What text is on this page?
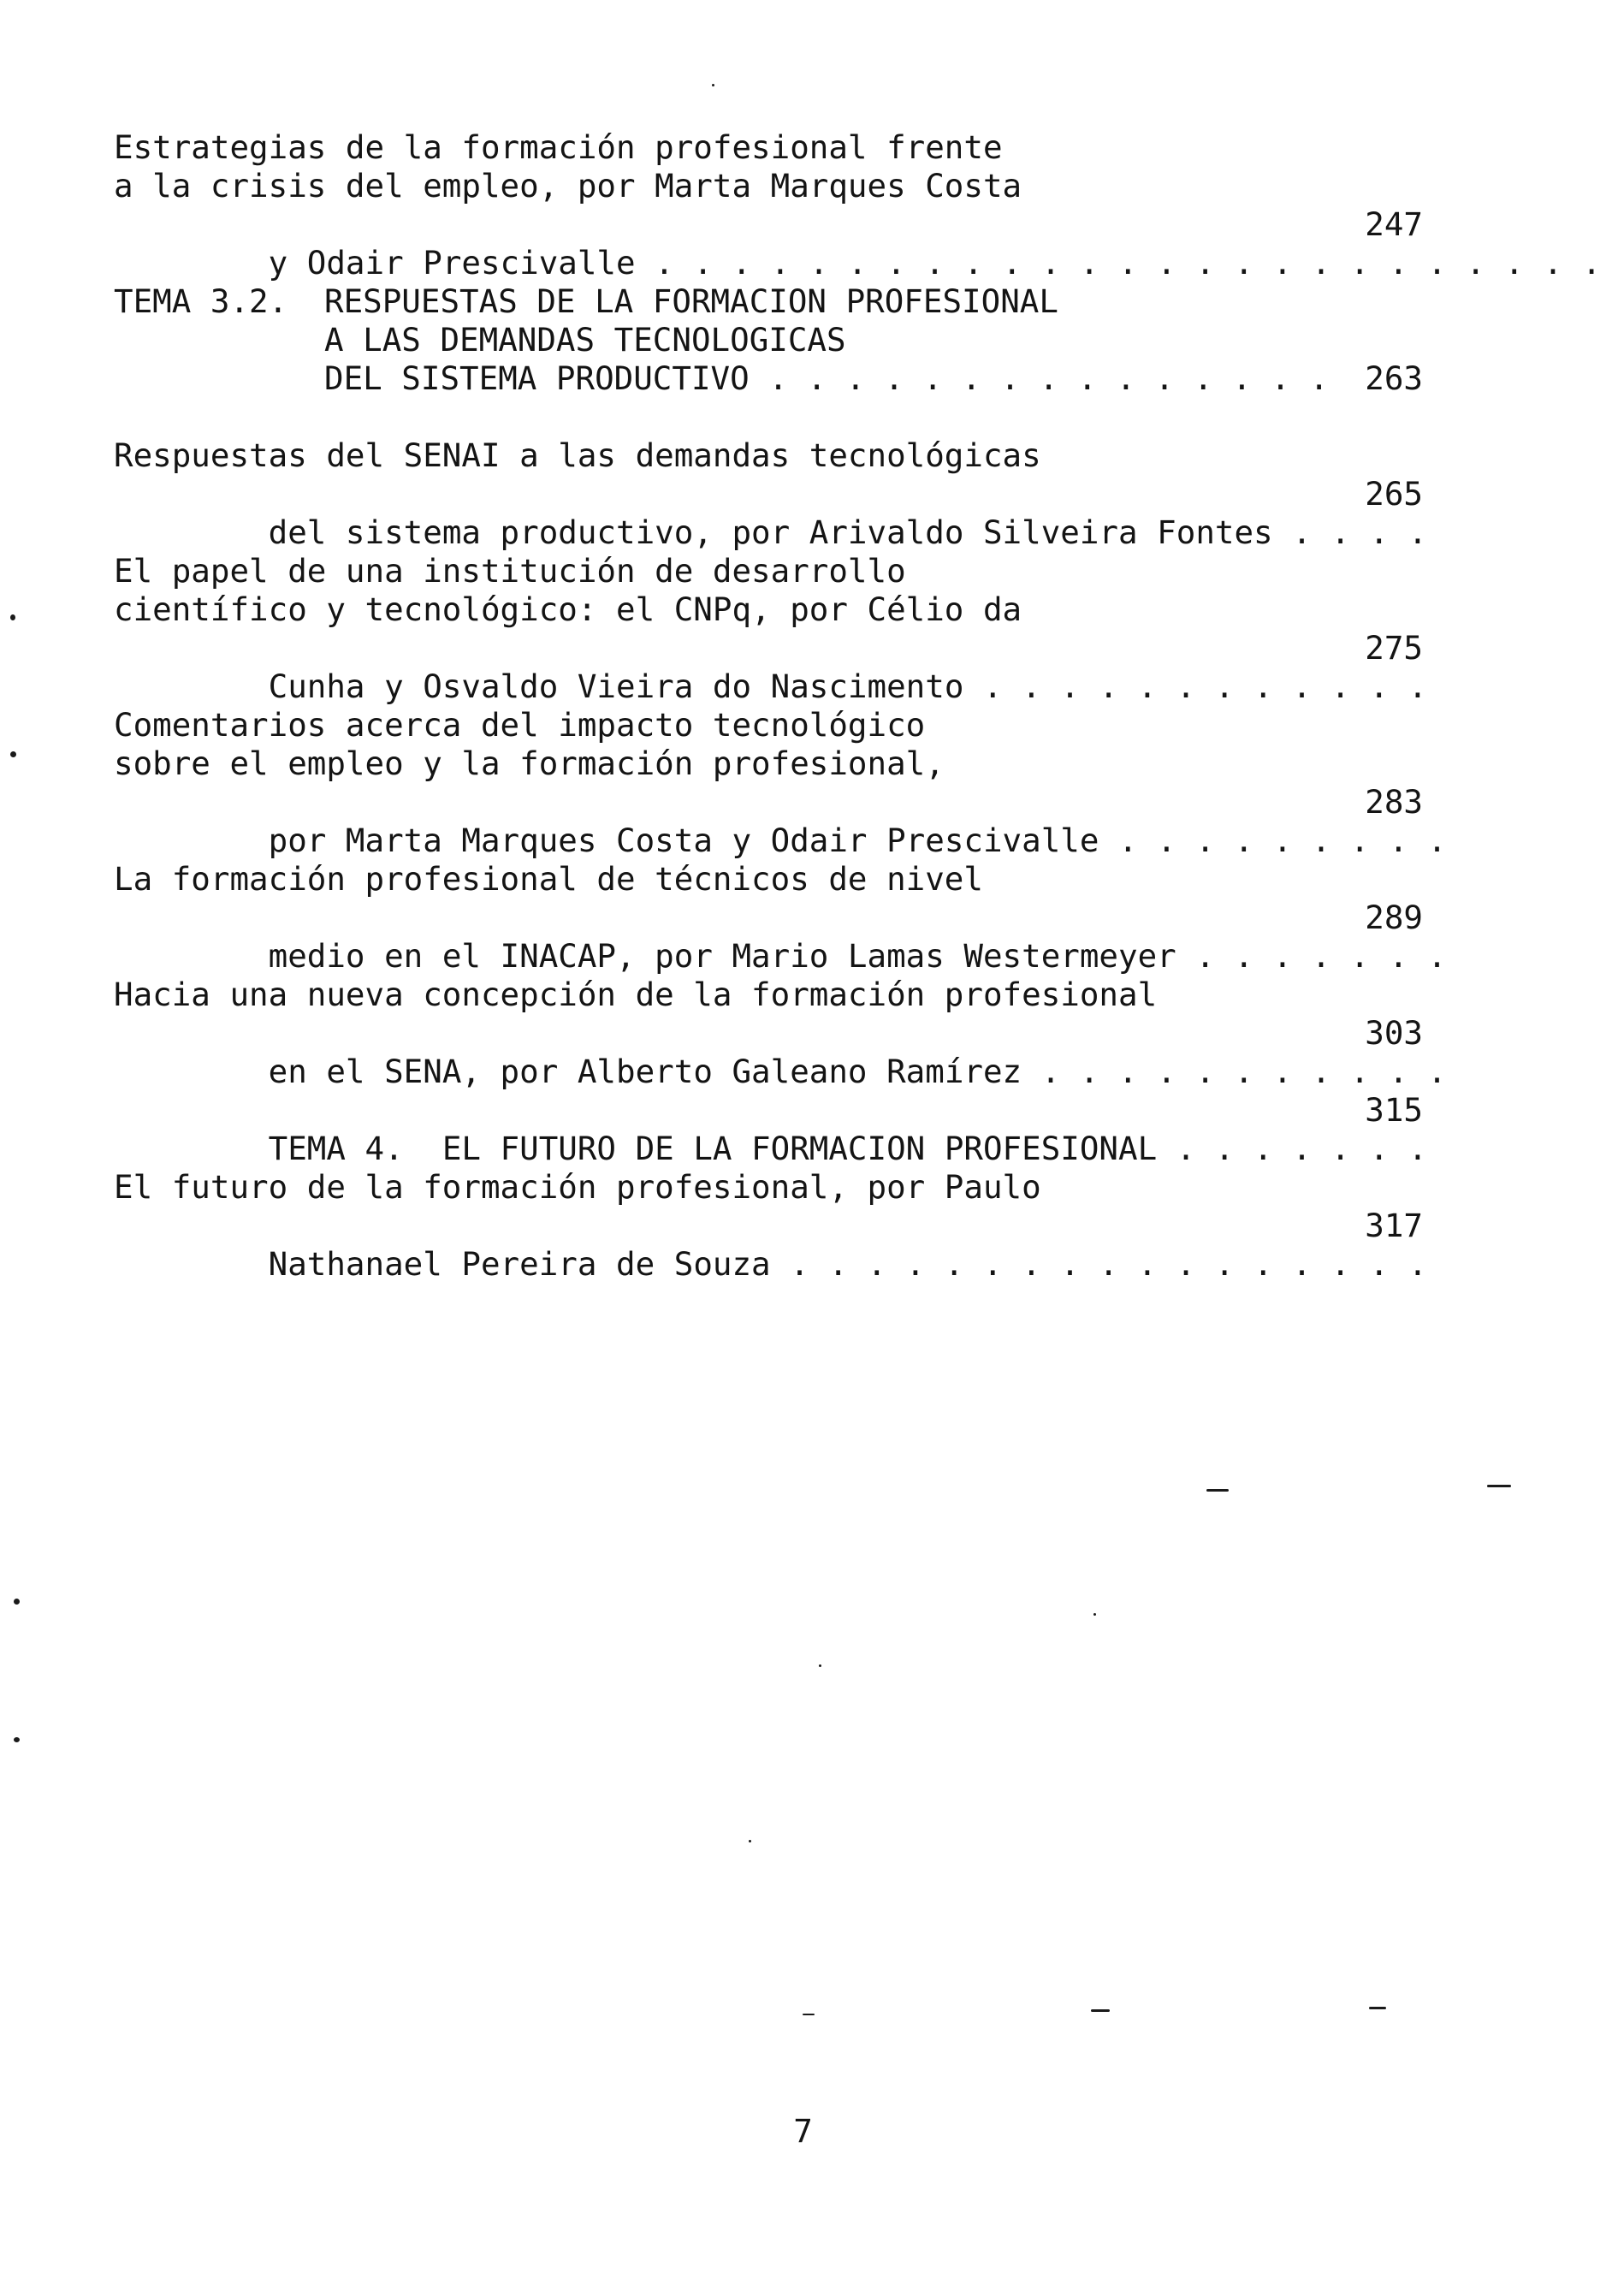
Estrategias de la formación profesional frente
a la crisis del empleo, por Marta Marques Costa

y Odair Prescivalle . . . . . . . . . . . . . . . . . . . . . . . . .

247

TEMA 3.2. RESPUESTAS DE LA FORMACION PROFESIONAL
A LAS DEMANDAS TECNOLOGICAS
DEL SISTEMA PRODUCTIVO . . . . . . . . . . . . . . .
263

Respuestas del SENAI a las demandas tecnológicas

del sistema productivo, por Arivaldo Silveira Fontes . . . .

265

El papel de una institución de desarrollo
científico y tecnológico: el CNPq, por Célio da

Cunha y Osvaldo Vieira do Nascimento . . . . . . . . . . . .

275

Comentarios acerca del impacto tecnológico
sobre el empleo y la formación profesional,

por Marta Marques Costa y Odair Prescivalle . . . . . . . . .

283

La formación profesional de técnicos de nivel

medio en el INACAP, por Mario Lamas Westermeyer . . . . . . .

289

Hacia una nueva concepción de la formación profesional

en el SENA, por Alberto Galeano Ramírez . . . . . . . . . . .

303

TEMA 4.  EL FUTURO DE LA FORMACION PROFESIONAL . . . . . . .

315

El futuro de la formación profesional, por Paulo

Nathanael Pereira de Souza . . . . . . . . . . . . . . . . .

317

7
